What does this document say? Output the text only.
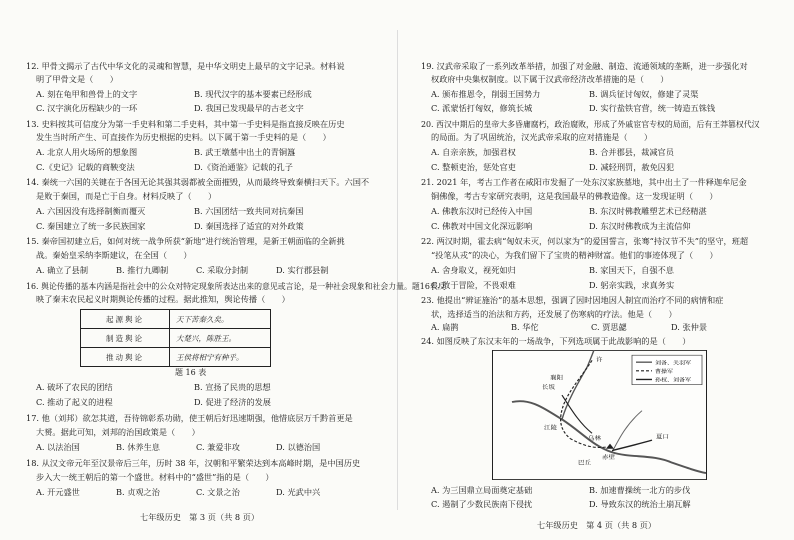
12. 甲骨文揭示了古代中华文化的灵魂和智慧，是中华文明史上最早的文字记录。材料说
明了甲骨文是（　　）
A. 刻在龟甲和兽骨上的文字	B. 现代汉字的基本要素已经形成
C. 汉字演化历程缺少的一环	D. 我国已发现最早的古老文字
13. 史料按其可信度分为第一手史料和第二手史料，其中第一手史料是指直接反映在历史
发生当时所产生、可直接作为历史根据的史料。以下属于第一手史料的是（　　）
A. 北京人用火场所的想象图	B. 武王墩墓中出土的青铜簋
C.《史记》记载的商鞅变法	D.《资治通鉴》记载的孔子
14. 秦统一六国的关键在于各国无论其强其弱都被全面摧毁，从而最终导致秦横扫天下。六国不
是败于秦国，而是亡于自身。材料反映了（　　）
A. 六国因没有选择制衡而覆灭	B. 六国团结一致共同对抗秦国
C. 秦国建立了统一多民族国家	D. 秦国选择了适宜的对外政策
15. 秦帝国初建立后，如何对统一战争所获“新地”进行统治管理，是新王朝面临的全新挑
战。秦始皇采纳李斯建议，在全国（　　）
A. 确立了县制	B. 推行九卿制	C. 采取分封制	D. 实行郡县制
16. 舆论传播的基本内涵是指社会中的公众对特定现象所表达出来的意见或言论，是一种社会现象和社会力量。题16表反
映了秦末农民起义时期舆论传播的过程。据此推知，舆论传播（　　）
起源舆论	天下苦秦久矣。
制造舆论	大楚兴，陈胜王。
推动舆论	王侯将相宁有种乎。
题 16 表
A. 破坏了农民的团结	B. 宣扬了民贵的思想
C. 推动了起义的进程	D. 促进了经济的发展
17. 他（刘邦）欲怎其道，吾待锦彰系功勋，使王朝后好迅速期强，他惜底层万千黔首更是
大赟。据此可知，刘邦的治国政策是（　　）
A. 以法治国	B. 休养生息	C. 兼爱非攻	D. 以德治国
18. 从汉文帝元年至汉景帝后三年，历时 38 年，汉朝和平繁荣达到本高峰时期，是中国历史
步入大一统王朝后的第一个盛世。材料中的“盛世”指的是（　　）
A. 开元盛世	B. 贞观之治	C. 文景之治	D. 光武中兴
七年级历史　第 3 页（共 8 页）
19. 汉武帝采取了一系列改革举措，加强了对金融、制造、流通领域的垄断，进一步强化对
权政府中央集权制度。以下属于汉武帝经济改革措施的是（　　）
A. 颁布推恩令，削弱王国势力	B. 调兵征讨匈奴，修建了灵渠
C. 派蒙恬打匈奴，修筑长城	D. 实行盐铁官营，统一铸造五铢钱
20. 西汉中期后的皇帝大多昏庸腐朽，政治腐败，形成了外戚宦官专权的局面，后有王莽篡权代汉
的局面。为了巩固统治，汉光武帝采取的应对措施是（　　）
A. 自亲亲族，加强君权	B. 合并郡县，裁减官员
C. 整顿吏治，惩处官吏	D. 减轻刑罚，赦免囚犯
21. 2021 年，考古工作者在咸阳市发掘了一处东汉家族墓地，其中出土了一件释迦牟尼金
铜佛像，考古专家研究表明，这是我国最早的佛教造像。这一发现证明（　　）
A. 佛教东汉时已经传入中国	B. 东汉时佛教雕塑艺术已经精湛
C. 佛教对中国文化深远影响	D. 东汉时佛教成为主流信仰
22. 两汉时期，霍去病“匈奴未灭，何以家为”的爱国誓言，张骞“持汉节不失”的坚守，班超
“投笔从戎”的决心，为我们留下了宝贵的精神财富。他们的事迹体现了（　　）
A. 舍身取义，视死如归	B. 家国天下，自强不息
C. 敢于冒险，不畏艰难	D. 躬亲实践，求真务实
23. 他提出“辨证施治”的基本思想，强调了因时因地因人制宜而治疗不同的病情和症
状，选择适当的治法和方药，还发展了伤寒病的疗法。他是（　　）
24. 如图反映了东汉末年的一场战争，下列选项属于此战影响的是（　　）
刘备、关羽军
曹操军
孙权、刘备军
许
长坂
襄阳
江陵
乌林
赤壁
巴丘
夏口
A. 为三国鼎立局面奠定基础	B. 加速曹操统一北方的步伐
C. 遏制了少数民族南下侵扰	D. 导致东汉的统治土崩瓦解
七年级历史　第 4 页（共 8 页）
A. 扁鹊	B. 华佗	C. 贾思勰	D. 张仲景
